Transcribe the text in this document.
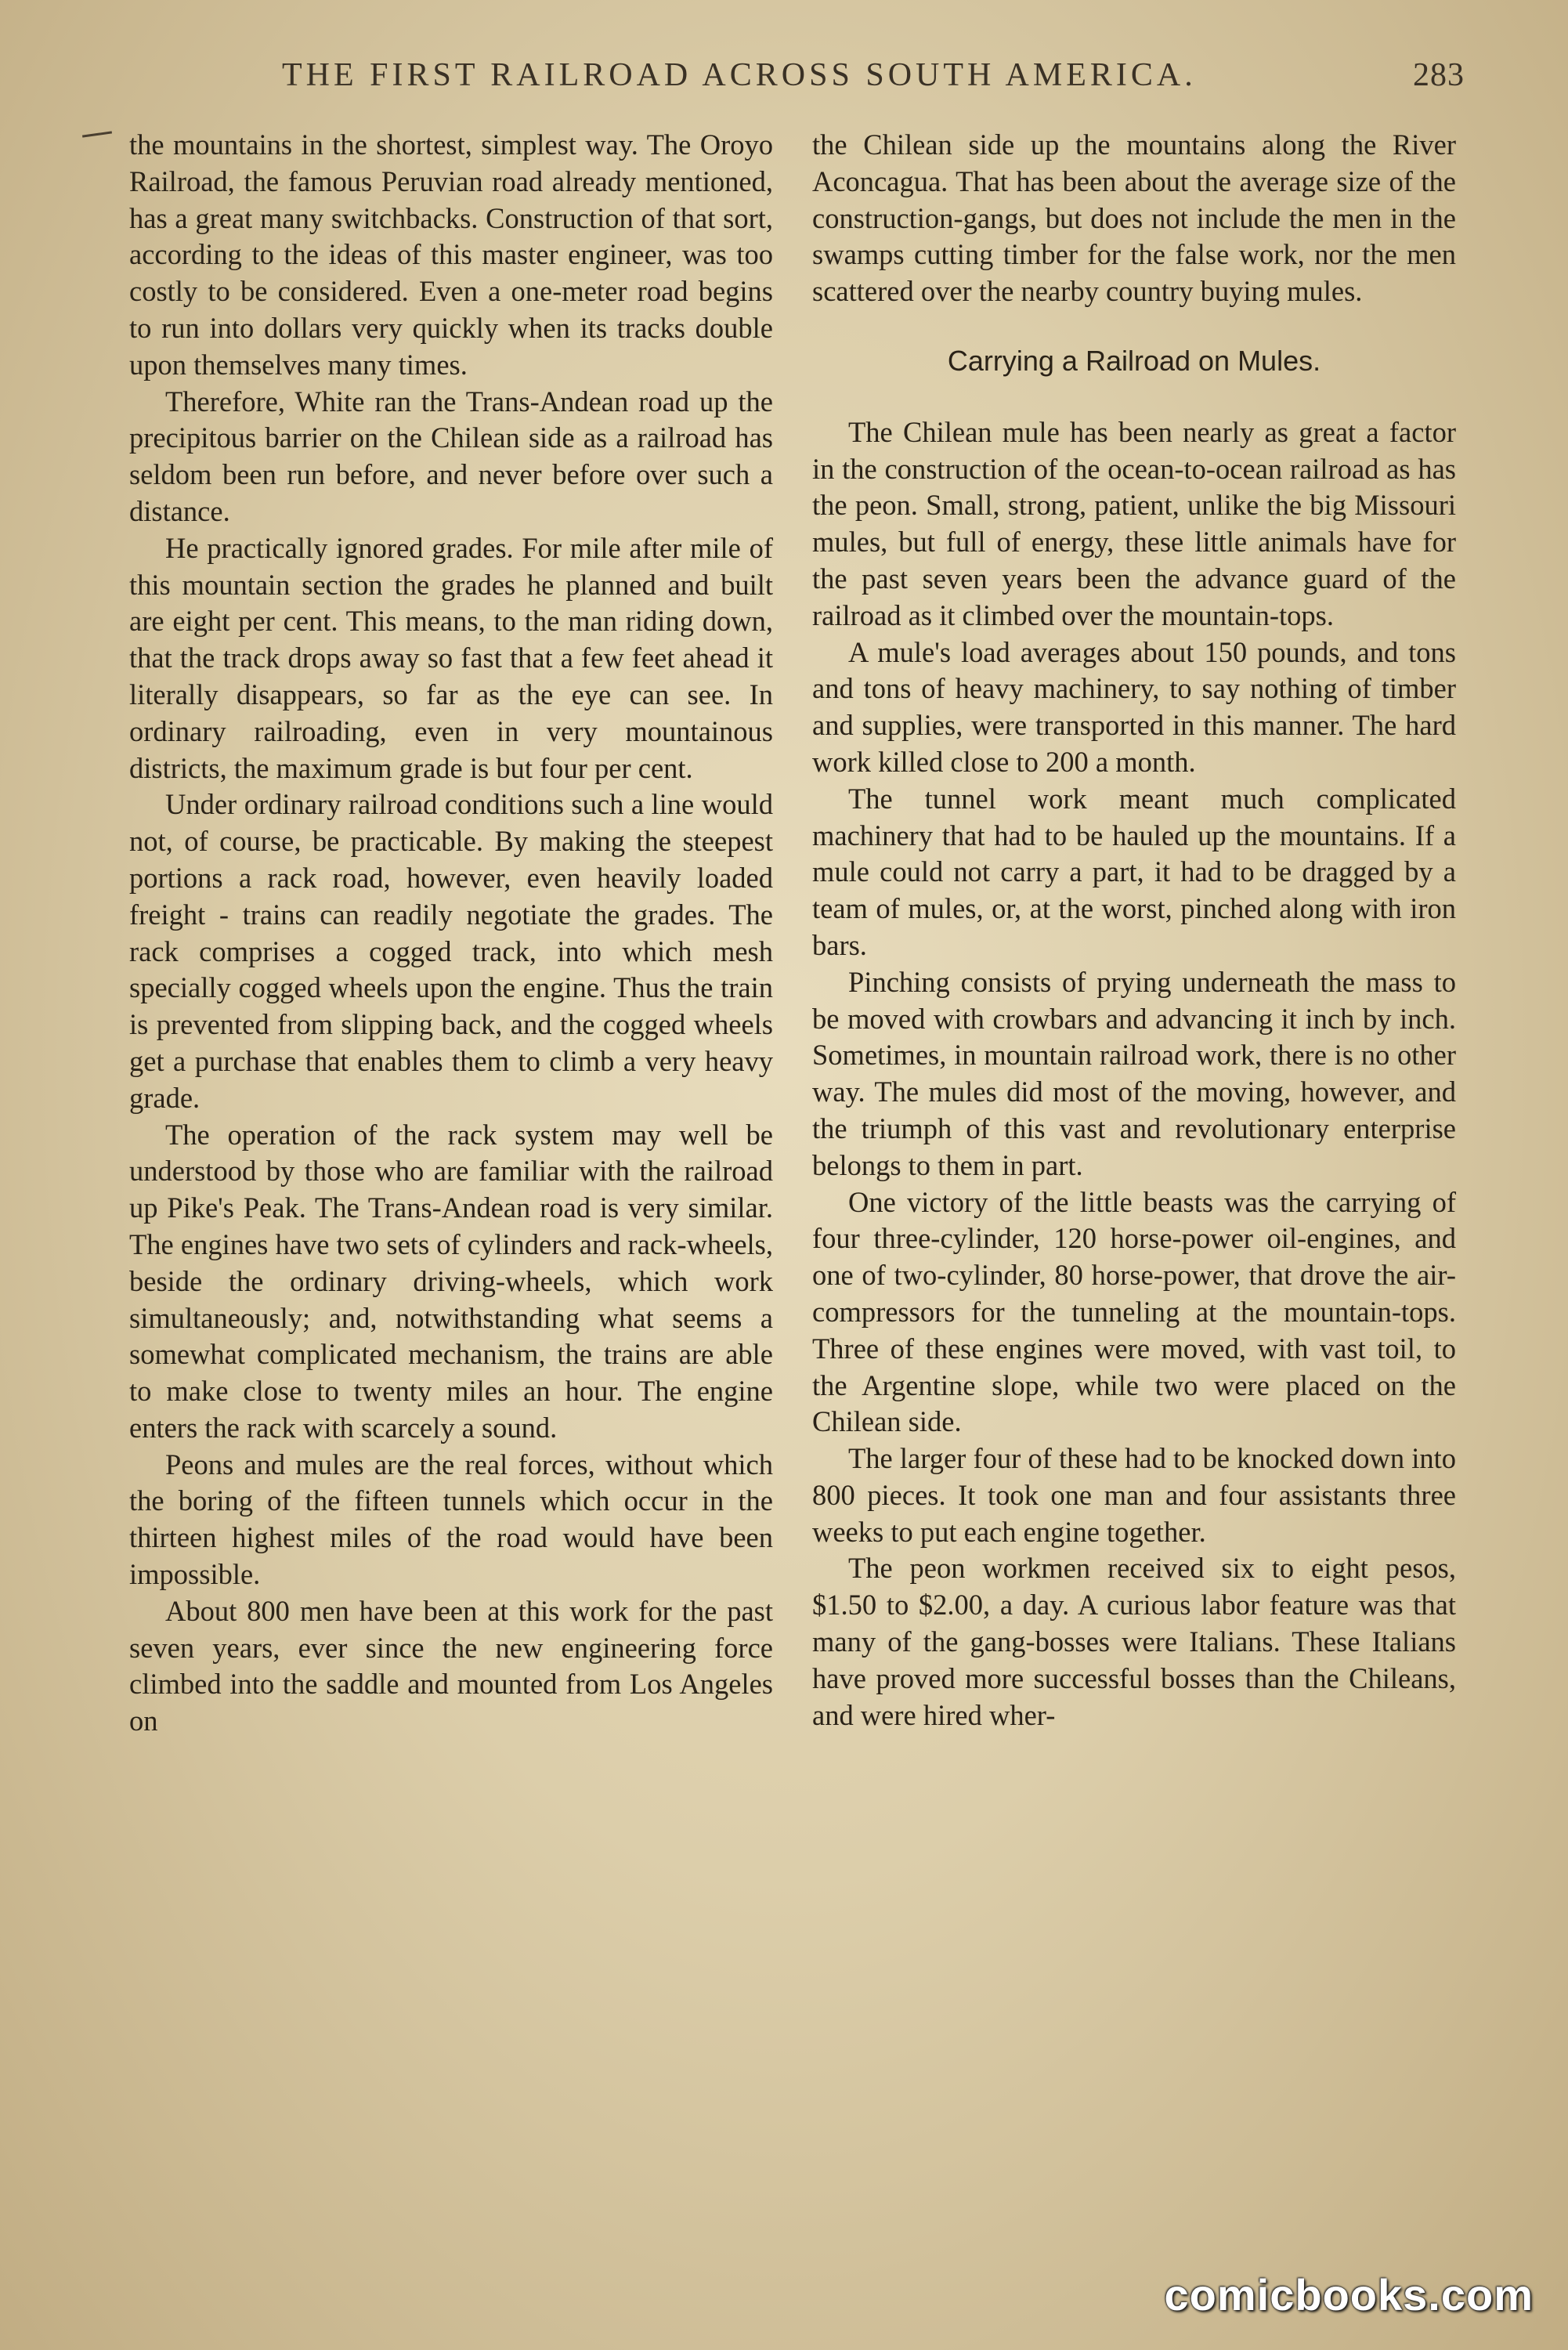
THE FIRST RAILROAD ACROSS SOUTH AMERICA.	283

the mountains in the shortest, simplest way. The Oroyo Railroad, the famous Peruvian road already mentioned, has a great many switchbacks. Construction of that sort, according to the ideas of this master engineer, was too costly to be considered. Even a one-meter road begins to run into dollars very quickly when its tracks double upon themselves many times.

Therefore, White ran the Trans-Andean road up the precipitous barrier on the Chilean side as a railroad has seldom been run before, and never before over such a distance.

He practically ignored grades. For mile after mile of this mountain section the grades he planned and built are eight per cent. This means, to the man riding down, that the track drops away so fast that a few feet ahead it literally disappears, so far as the eye can see. In ordinary railroading, even in very mountainous districts, the maximum grade is but four per cent.

Under ordinary railroad conditions such a line would not, of course, be practicable. By making the steepest portions a rack road, however, even heavily loaded freight - trains can readily negotiate the grades. The rack comprises a cogged track, into which mesh specially cogged wheels upon the engine. Thus the train is prevented from slipping back, and the cogged wheels get a purchase that enables them to climb a very heavy grade.

The operation of the rack system may well be understood by those who are familiar with the railroad up Pike's Peak. The Trans-Andean road is very similar. The engines have two sets of cylinders and rack-wheels, beside the ordinary driving-wheels, which work simultaneously; and, notwithstanding what seems a somewhat complicated mechanism, the trains are able to make close to twenty miles an hour. The engine enters the rack with scarcely a sound.

Peons and mules are the real forces, without which the boring of the fifteen tunnels which occur in the thirteen highest miles of the road would have been impossible.

About 800 men have been at this work for the past seven years, ever since the new engineering force climbed into the saddle and mounted from Los Angeles on

the Chilean side up the mountains along the River Aconcagua. That has been about the average size of the construction-gangs, but does not include the men in the swamps cutting timber for the false work, nor the men scattered over the nearby country buying mules.

Carrying a Railroad on Mules.

The Chilean mule has been nearly as great a factor in the construction of the ocean-to-ocean railroad as has the peon. Small, strong, patient, unlike the big Missouri mules, but full of energy, these little animals have for the past seven years been the advance guard of the railroad as it climbed over the mountain-tops.

A mule's load averages about 150 pounds, and tons and tons of heavy machinery, to say nothing of timber and supplies, were transported in this manner. The hard work killed close to 200 a month.

The tunnel work meant much complicated machinery that had to be hauled up the mountains. If a mule could not carry a part, it had to be dragged by a team of mules, or, at the worst, pinched along with iron bars.

Pinching consists of prying underneath the mass to be moved with crowbars and advancing it inch by inch. Sometimes, in mountain railroad work, there is no other way. The mules did most of the moving, however, and the triumph of this vast and revolutionary enterprise belongs to them in part.

One victory of the little beasts was the carrying of four three-cylinder, 120 horse-power oil-engines, and one of two-cylinder, 80 horse-power, that drove the air-compressors for the tunneling at the mountain-tops. Three of these engines were moved, with vast toil, to the Argentine slope, while two were placed on the Chilean side.

The larger four of these had to be knocked down into 800 pieces. It took one man and four assistants three weeks to put each engine together.

The peon workmen received six to eight pesos, $1.50 to $2.00, a day. A curious labor feature was that many of the gang-bosses were Italians. These Italians have proved more successful bosses than the Chileans, and were hired wher-

comicbooks.com
